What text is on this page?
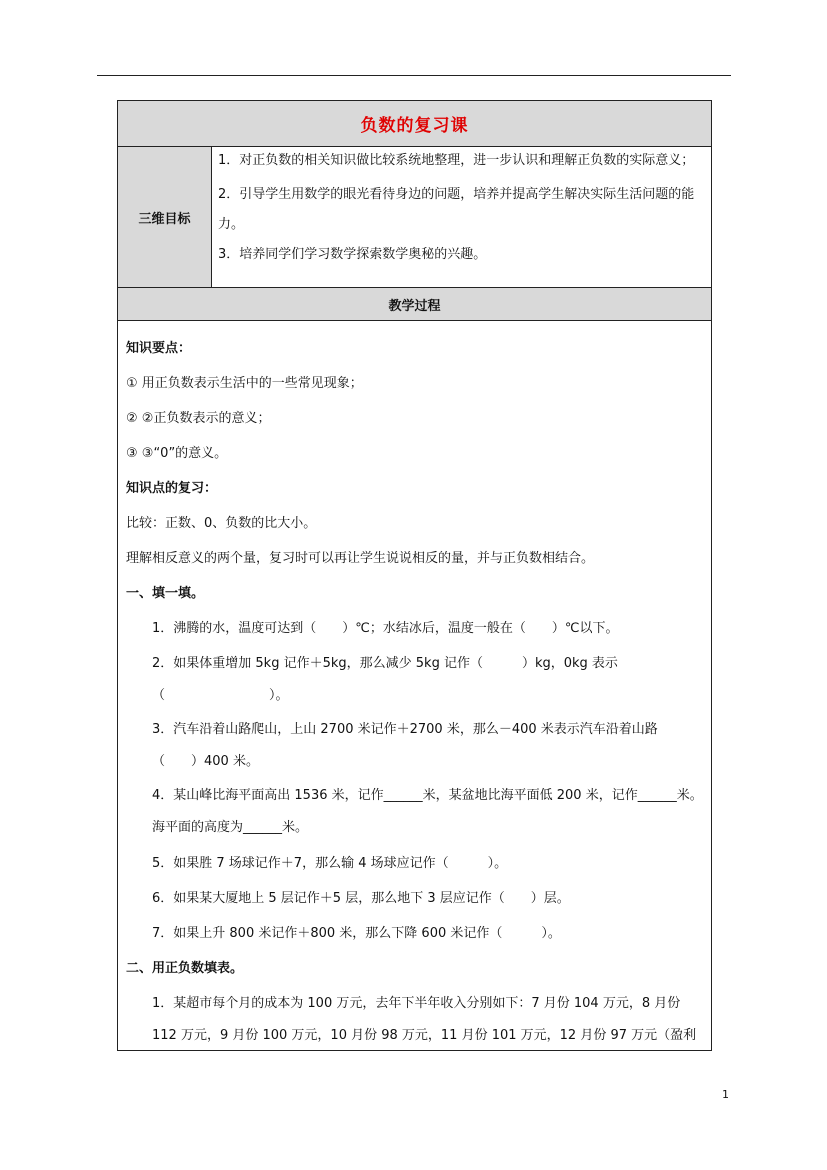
负数的复习课
三维目标

1．对正负数的相关知识做比较系统地整理，进一步认识和理解正负数的实际意义；

2．引导学生用数学的眼光看待身边的问题，培养并提高学生解决实际生活问题的能力。

3．培养同学们学习数学探索数学奥秘的兴趣。

教学过程
知识要点：
① 用正负数表示生活中的一些常见现象；
② ②正负数表示的意义；
③ ③“0”的意义。
知识点的复习：
比较：正数、0、负数的比大小。
理解相反意义的两个量，复习时可以再让学生说说相反的量，并与正负数相结合。
一、填一填。
1．沸腾的水，温度可达到（　　）℃；水结冰后，温度一般在（　　）℃以下。
2．如果体重增加 5kg 记作＋5kg，那么减少 5kg 记作（　　　）kg，0kg 表示（　　　　　　　　）。
3．汽车沿着山路爬山，上山 2700 米记作＋2700 米，那么－400 米表示汽车沿着山路（　　）400 米。
4．某山峰比海平面高出 1536 米，记作______米，某盆地比海平面低 200 米，记作______米。海平面的高度为______米。
5．如果胜 7 场球记作＋7，那么输 4 场球应记作（　　　）。
6．如果某大厦地上 5 层记作＋5 层，那么地下 3 层应记作（　　）层。
7．如果上升 800 米记作＋800 米，那么下降 600 米记作（　　　）。
二、用正负数填表。
1．某超市每个月的成本为 100 万元，去年下半年收入分别如下：7 月份 104 万元，8 月份 112 万元，9 月份 100 万元，10 月份 98 万元，11 月份 101 万元，12 月份 97 万元（盈利
1
